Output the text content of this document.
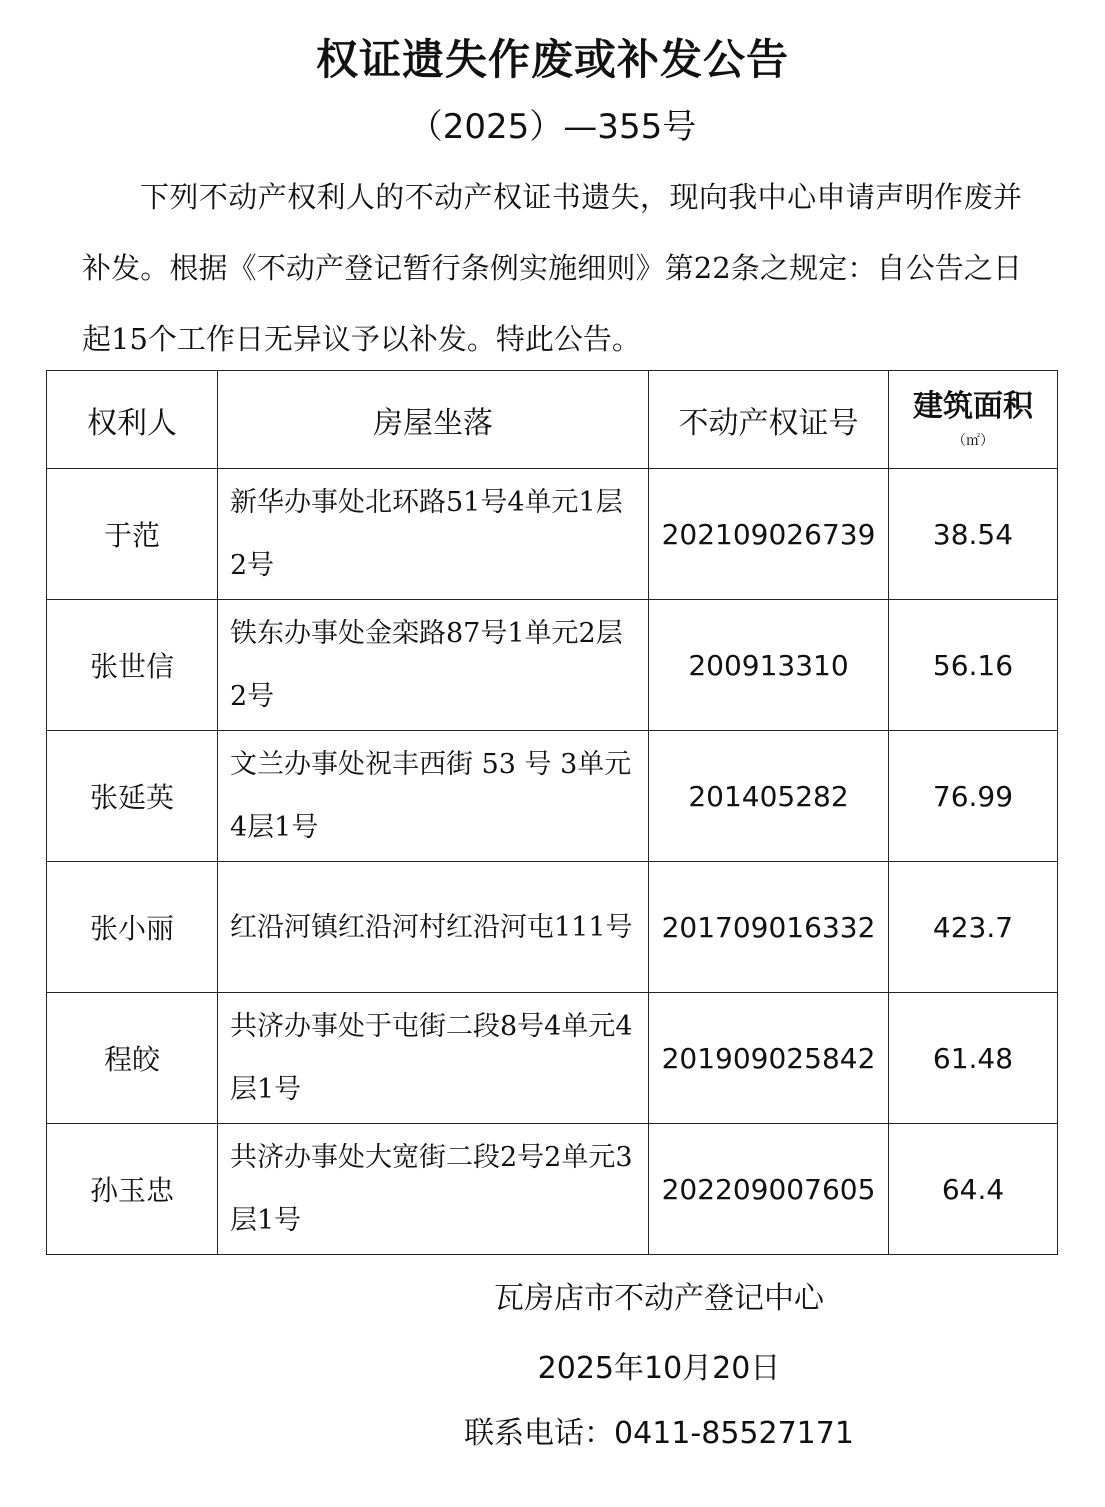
权证遗失作废或补发公告
（2025）—355号
下列不动产权利人的不动产权证书遗失，现向我中心申请声明作废并补发。根据《不动产登记暂行条例实施细则》第22条之规定：自公告之日起15个工作日无异议予以补发。特此公告。
权利人	房屋坐落	不动产权证号	建筑面积
（㎡）

于范	新华办事处北环路51号4单元1层2号	202109026739	38.54
张世信	铁东办事处金栾路87号1单元2层2号	200913310	56.16
张延英	文兰办事处祝丰西街 53 号 3单元4层1号	201405282	76.99
张小丽	红沿河镇红沿河村红沿河屯111号	201709016332	423.7
程皎	共济办事处于屯街二段8号4单元4层1号	201909025842	61.48
孙玉忠	共济办事处大宽街二段2号2单元3层1号	202209007605	64.4
瓦房店市不动产登记中心
2025年10月20日
联系电话：0411-85527171
